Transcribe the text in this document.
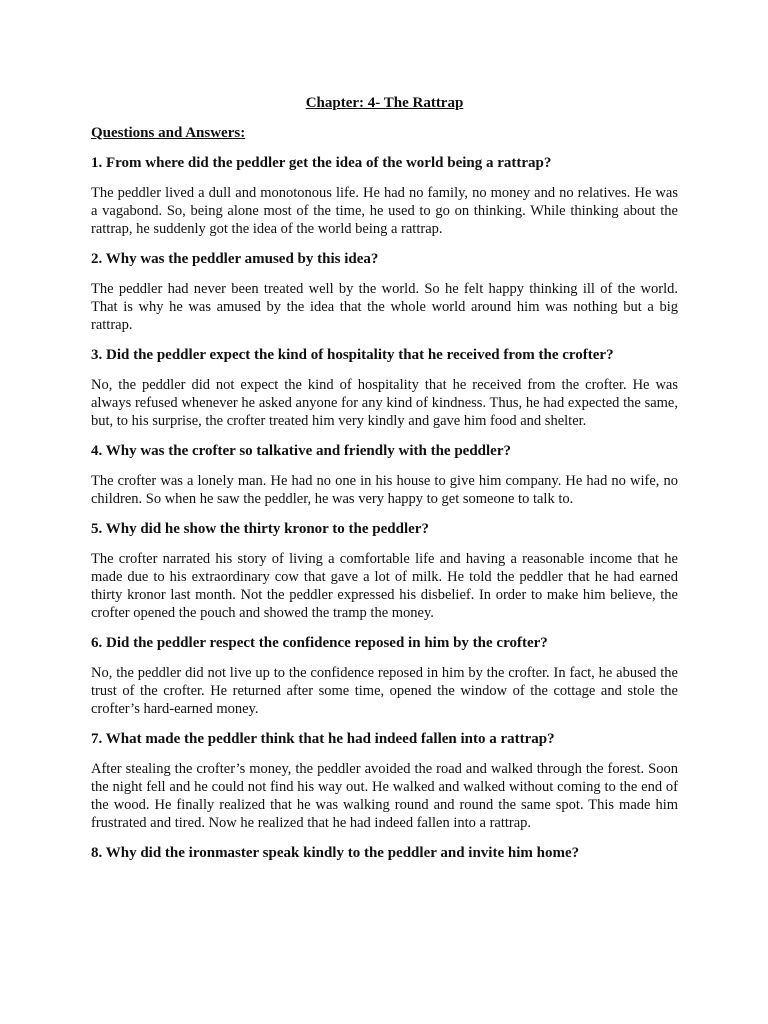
Chapter: 4- The Rattrap
Questions and Answers:
1. From where did the peddler get the idea of the world being a rattrap?
The peddler lived a dull and monotonous life. He had no family, no money and no relatives. He was a vagabond. So, being alone most of the time, he used to go on thinking. While thinking about the rattrap, he suddenly got the idea of the world being a rattrap.
2. Why was the peddler amused by this idea?
The peddler had never been treated well by the world. So he felt happy thinking ill of the world. That is why he was amused by the idea that the whole world around him was nothing but a big rattrap.
3. Did the peddler expect the kind of hospitality that he received from the crofter?
No, the peddler did not expect the kind of hospitality that he received from the crofter. He was always refused whenever he asked anyone for any kind of kindness. Thus, he had expected the same, but, to his surprise, the crofter treated him very kindly and gave him food and shelter.
4. Why was the crofter so talkative and friendly with the peddler?
The crofter was a lonely man. He had no one in his house to give him company. He had no wife, no children. So when he saw the peddler, he was very happy to get someone to talk to.
5. Why did he show the thirty kronor to the peddler?
The crofter narrated his story of living a comfortable life and having a reasonable income that he made due to his extraordinary cow that gave a lot of milk. He told the peddler that he had earned thirty kronor last month. Not the peddler expressed his disbelief. In order to make him believe, the crofter opened the pouch and showed the tramp the money.
6. Did the peddler respect the confidence reposed in him by the crofter?
No, the peddler did not live up to the confidence reposed in him by the crofter. In fact, he abused the trust of the crofter. He returned after some time, opened the window of the cottage and stole the crofter’s hard-earned money.
7. What made the peddler think that he had indeed fallen into a rattrap?
After stealing the crofter’s money, the peddler avoided the road and walked through the forest. Soon the night fell and he could not find his way out. He walked and walked without coming to the end of the wood. He finally realized that he was walking round and round the same spot. This made him frustrated and tired. Now he realized that he had indeed fallen into a rattrap.
8. Why did the ironmaster speak kindly to the peddler and invite him home?
